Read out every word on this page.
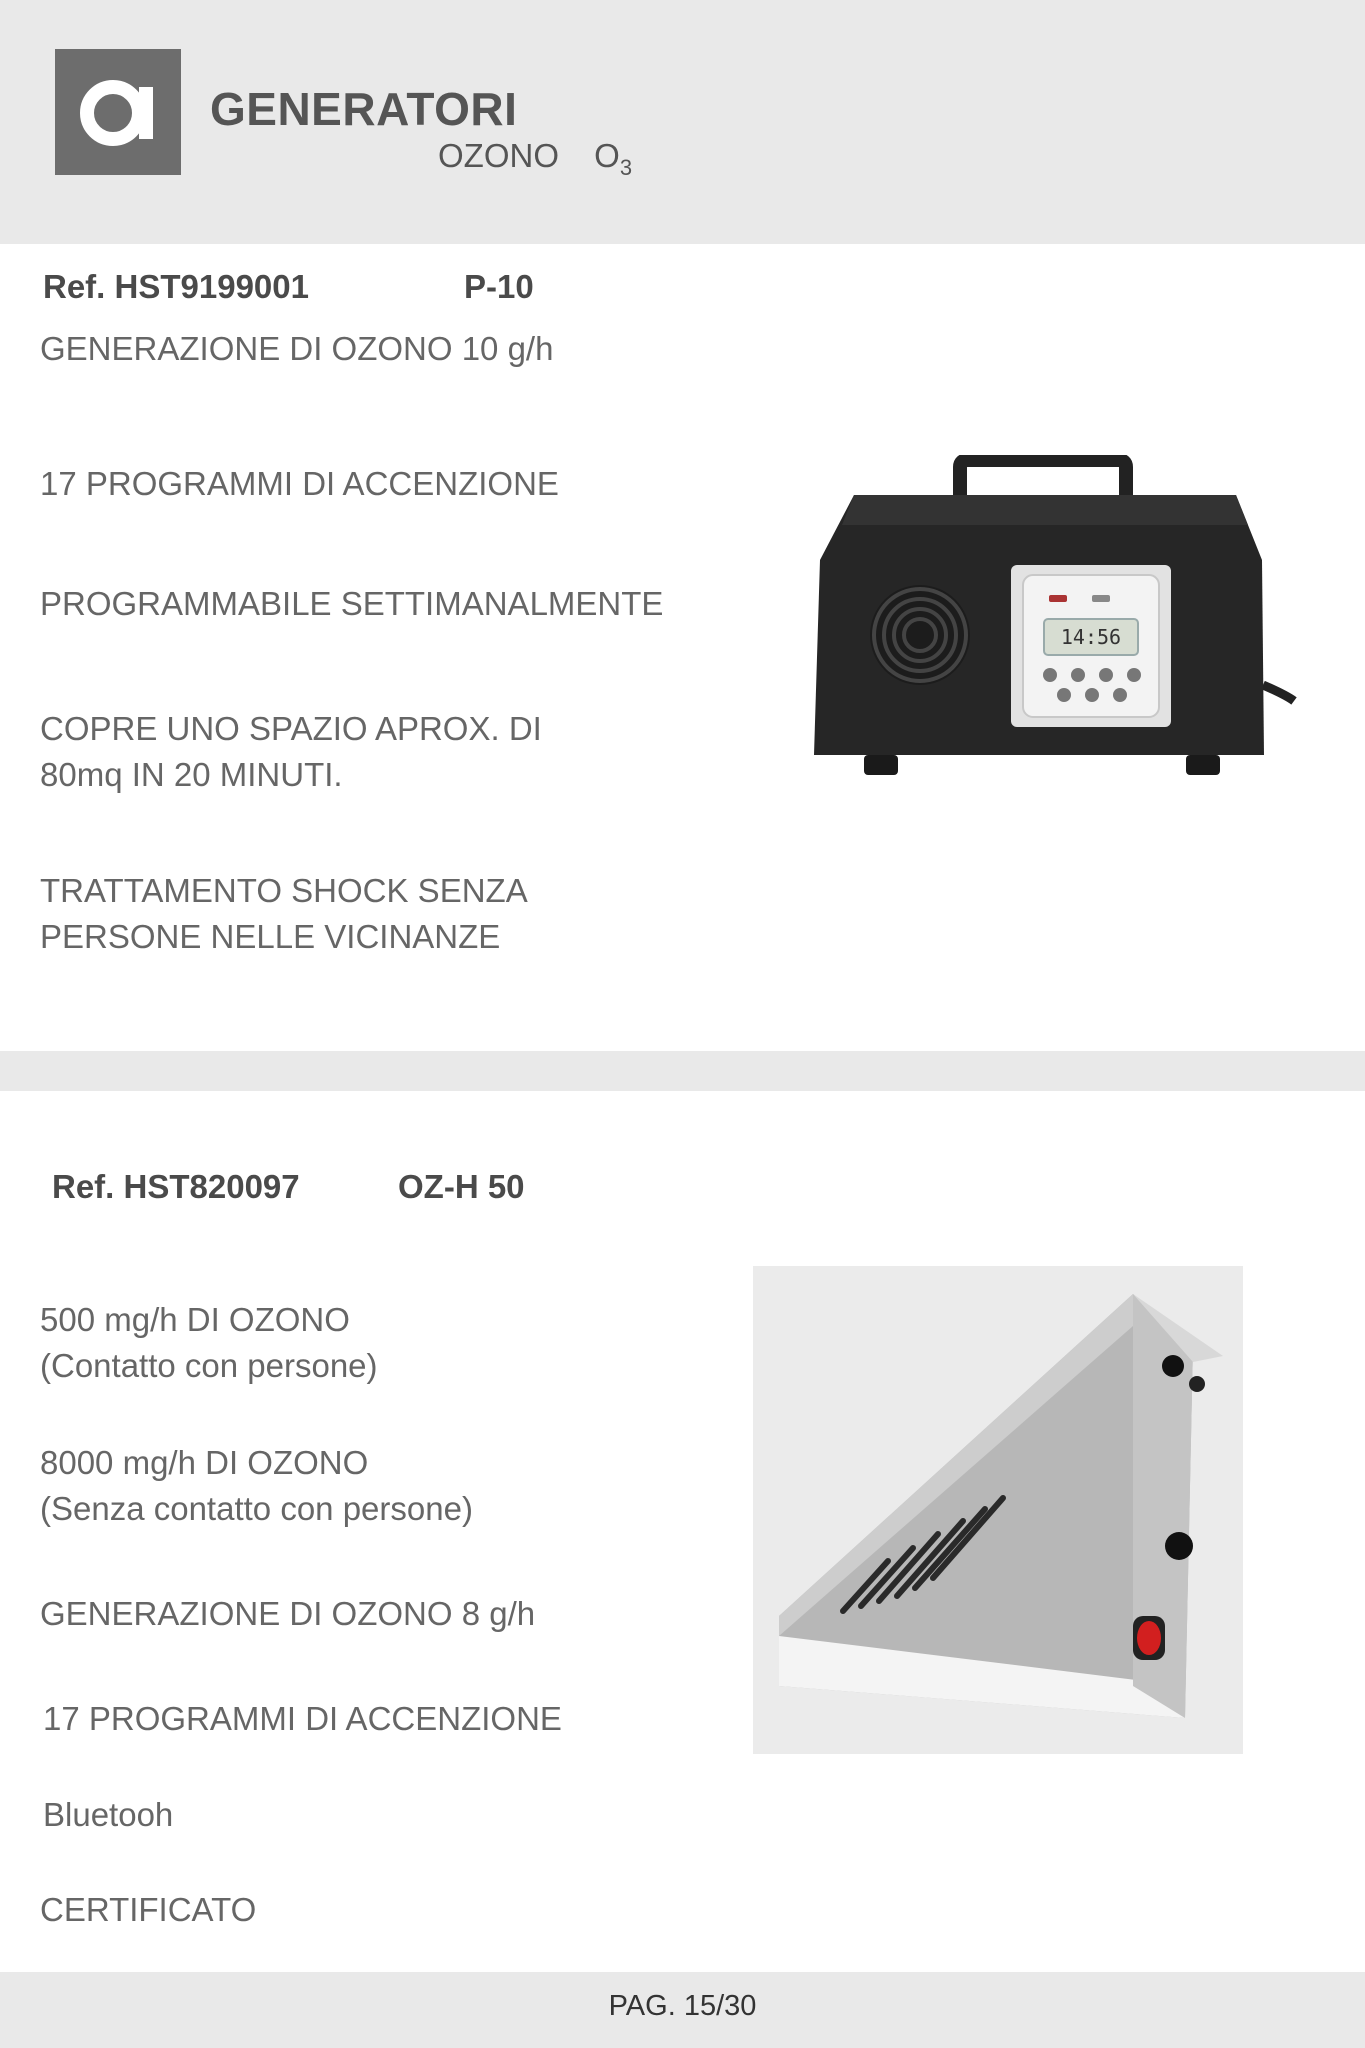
GENERATORI
OZONO $O_3$
Ref. HST9199001	P-10
GENERAZIONE DI OZONO 10 g/h
17 PROGRAMMI DI ACCENZIONE
PROGRAMMABILE SETTIMANALMENTE
COPRE UNO SPAZIO APROX. DI
80mq IN 20 MINUTI.
TRATTAMENTO SHOCK SENZA
PERSONE NELLE VICINANZE
14:56
Ref. HST820097	OZ-H 50
500 mg/h DI OZONO
(Contatto con persone)
8000 mg/h DI OZONO
(Senza contatto con persone)
GENERAZIONE DI OZONO 8 g/h
17 PROGRAMMI DI ACCENZIONE
Bluetooh
CERTIFICATO
PAG. 15/30
